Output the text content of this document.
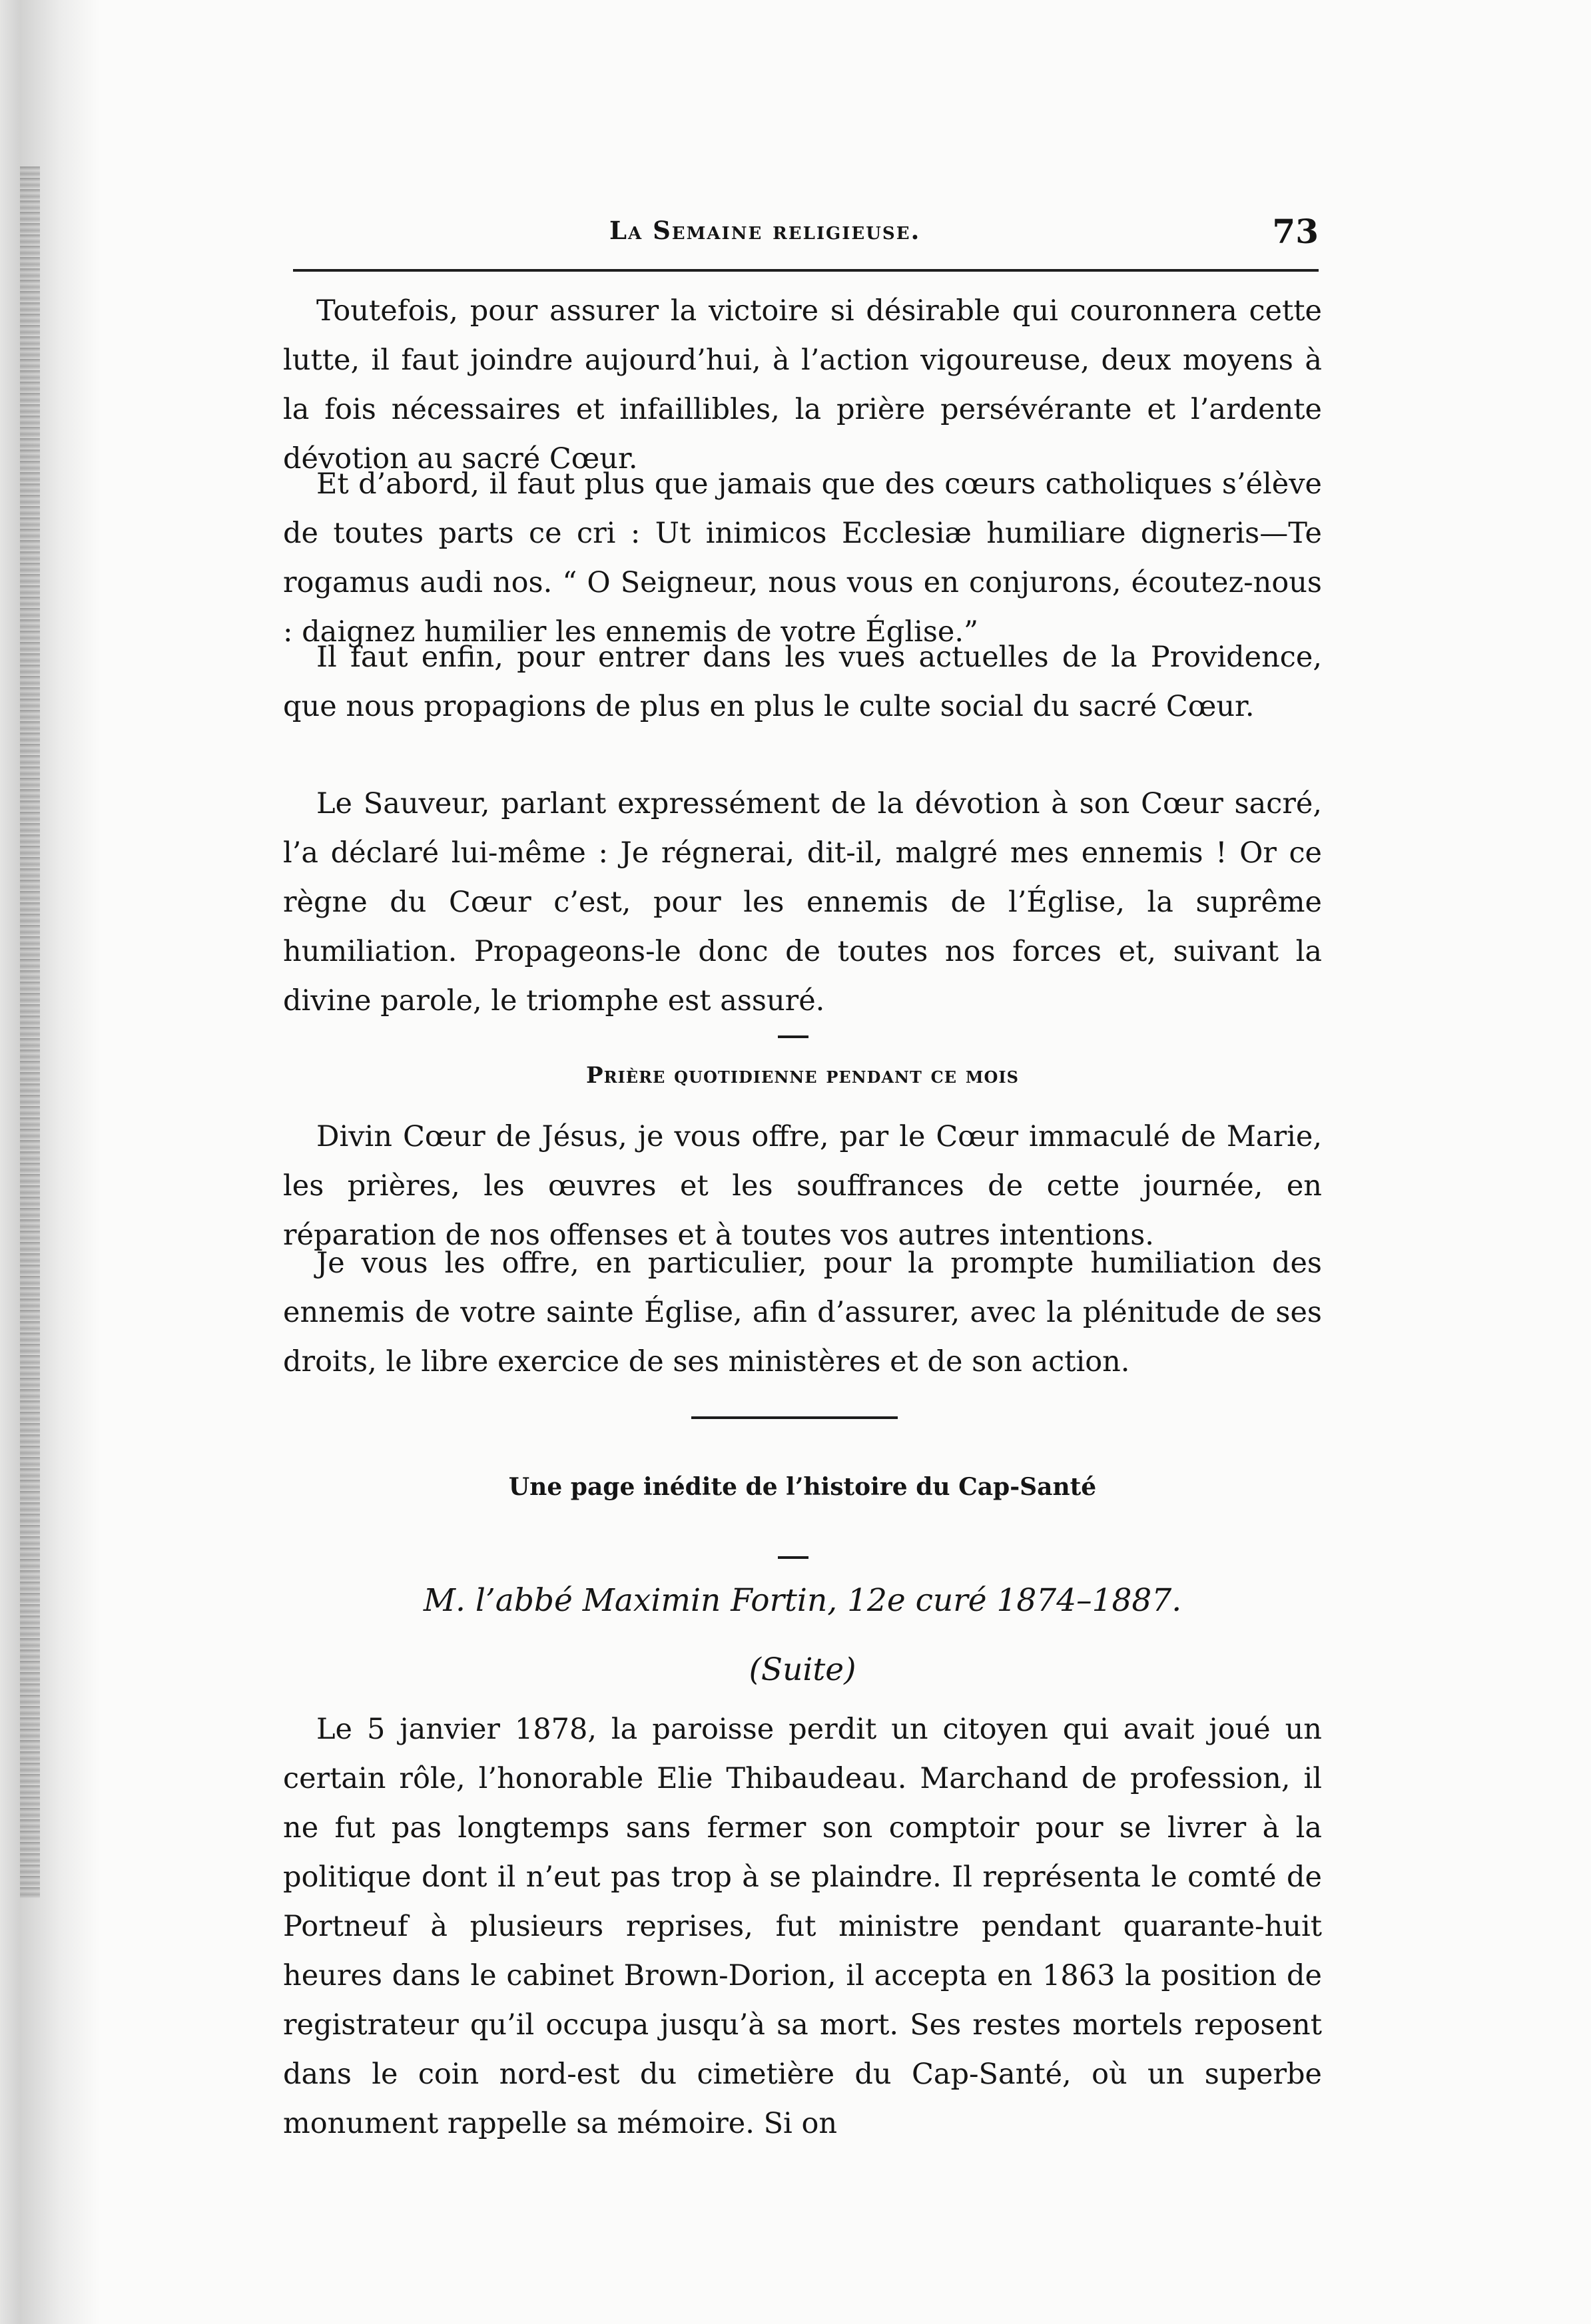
La Semaine religieuse.	73

Toutefois, pour assurer la victoire si désirable qui couronnera cette lutte, il faut joindre aujourd’hui, à l’action vigoureuse, deux moyens à la fois nécessaires et infaillibles, la prière persévérante et l’ardente dévotion au sacré Cœur.

Et d’abord, il faut plus que jamais que des cœurs catholiques s’élève de toutes parts ce cri : Ut inimicos Ecclesiæ humiliare digneris—Te rogamus audi nos. “ O Seigneur, nous vous en conjurons, écoutez-nous : daignez humilier les ennemis de votre Église.”

Il faut enfin, pour entrer dans les vues actuelles de la Providence, que nous propagions de plus en plus le culte social du sacré Cœur.

Le Sauveur, parlant expressément de la dévotion à son Cœur sacré, l’a déclaré lui-même : Je régnerai, dit-il, malgré mes ennemis ! Or ce règne du Cœur c’est, pour les ennemis de l’Église, la suprême humiliation. Propageons-le donc de toutes nos forces et, suivant la divine parole, le triomphe est assuré.

Prière quotidienne pendant ce mois

Divin Cœur de Jésus, je vous offre, par le Cœur immaculé de Marie, les prières, les œuvres et les souffrances de cette journée, en réparation de nos offenses et à toutes vos autres intentions.

Je vous les offre, en particulier, pour la prompte humiliation des ennemis de votre sainte Église, afin d’assurer, avec la plénitude de ses droits, le libre exercice de ses ministères et de son action.

Une page inédite de l’histoire du Cap-Santé
M. l’abbé Maximin Fortin, 12e curé 1874–1887.
(Suite)

Le 5 janvier 1878, la paroisse perdit un citoyen qui avait joué un certain rôle, l’honorable Elie Thibaudeau. Marchand de profession, il ne fut pas longtemps sans fermer son comptoir pour se livrer à la politique dont il n’eut pas trop à se plaindre. Il représenta le comté de Portneuf à plusieurs reprises, fut ministre pendant quarante-huit heures dans le cabinet Brown-Dorion, il accepta en 1863 la position de registrateur qu’il occupa jusqu’à sa mort. Ses restes mortels reposent dans le coin nord-est du cimetière du Cap-Santé, où un superbe monument rappelle sa mémoire. Si on
